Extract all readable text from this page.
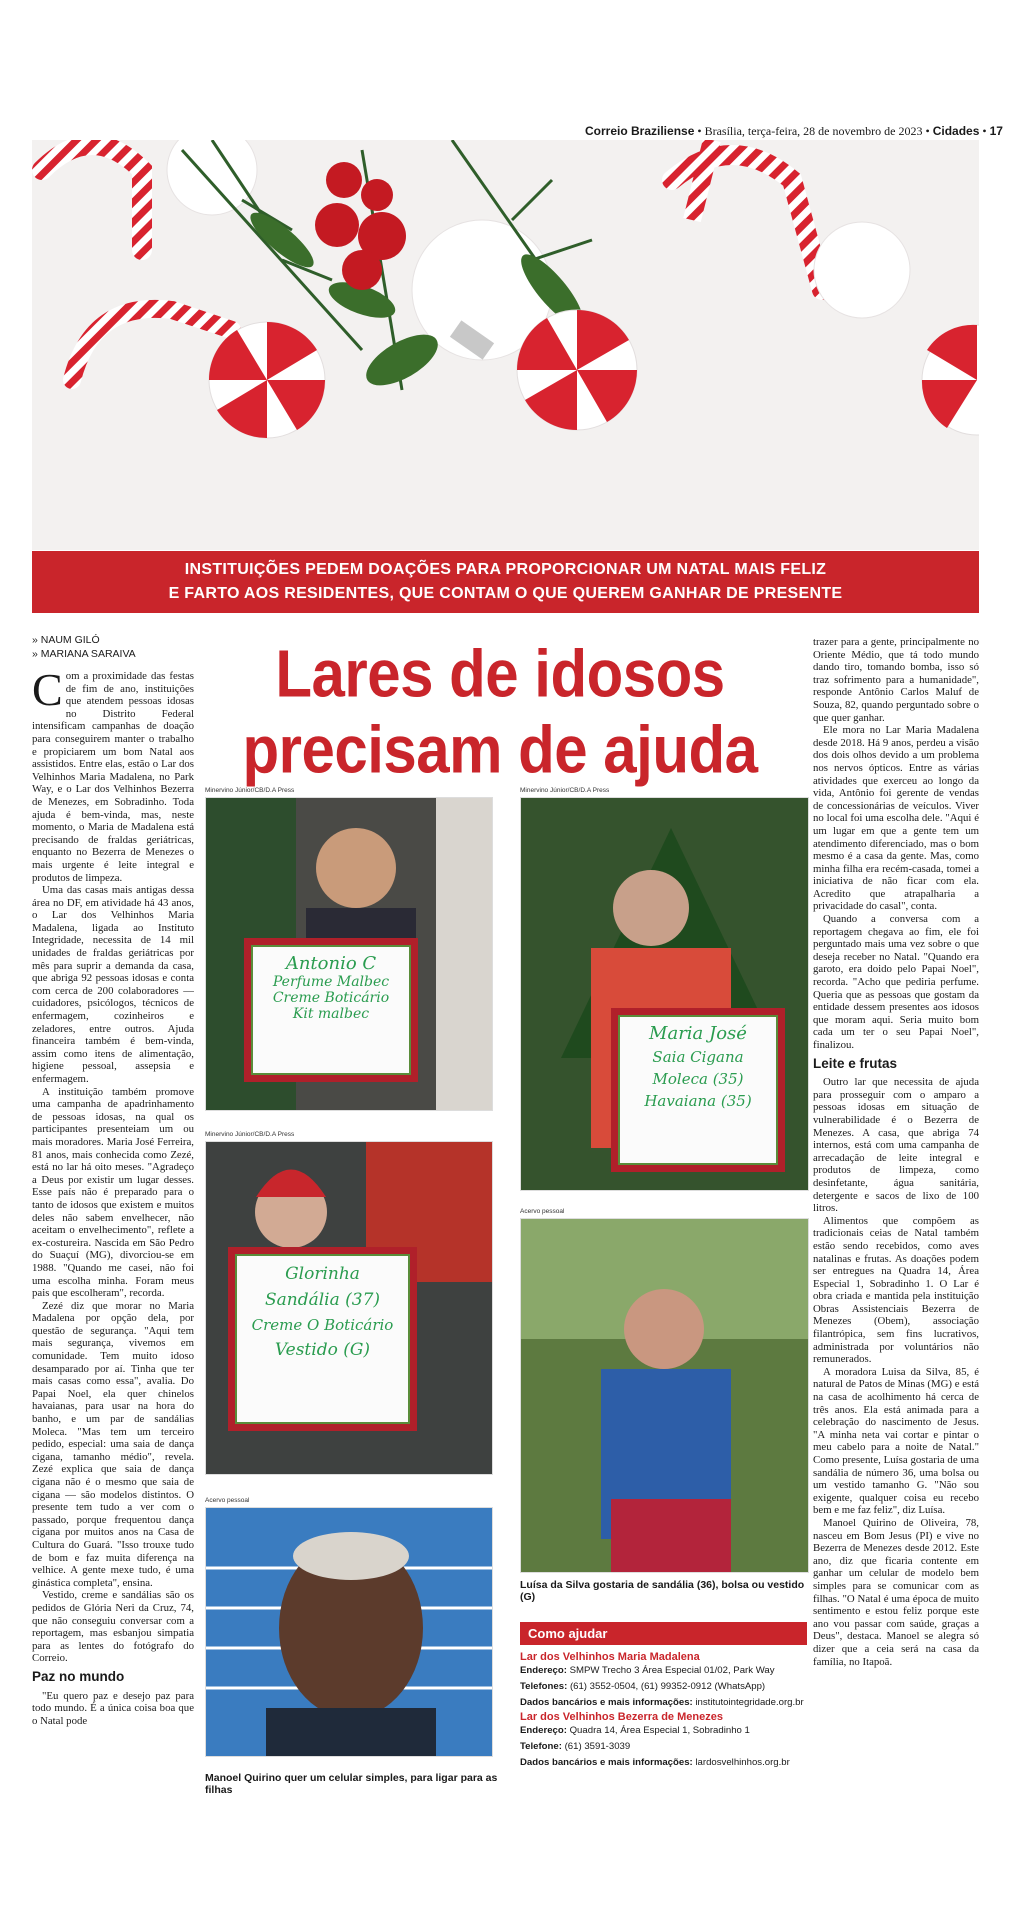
Correio Braziliense • Brasília, terça-feira, 28 de novembro de 2023 • Cidades • 17
INSTITUIÇÕES PEDEM DOAÇÕES PARA PROPORCIONAR UM NATAL MAIS FELIZ
E FARTO AOS RESIDENTES, QUE CONTAM O QUE QUEREM GANHAR DE PRESENTE
» NAUM GILÓ
» MARIANA SARAIVA	Lares de idosos
precisam de ajuda

Com a proximidade das festas de fim de ano, instituições que atendem pessoas idosas no Distrito Federal intensificam campanhas de doação para conseguirem manter o trabalho e propiciarem um bom Natal aos assistidos. Entre elas, estão o Lar dos Velhinhos Maria Madalena, no Park Way, e o Lar dos Velhinhos Bezerra de Menezes, em Sobradinho. Toda ajuda é bem-vinda, mas, neste momento, o Maria de Madalena está precisando de fraldas geriátricas, enquanto no Bezerra de Menezes o mais urgente é leite integral e produtos de limpeza.

Uma das casas mais antigas dessa área no DF, em atividade há 43 anos, o Lar dos Velhinhos Maria Madalena, ligada ao Instituto Integridade, necessita de 14 mil unidades de fraldas geriátricas por mês para suprir a demanda da casa, que abriga 92 pessoas idosas e conta com cerca de 200 colaboradores — cuidadores, psicólogos, técnicos de enfermagem, cozinheiros e zeladores, entre outros. Ajuda financeira também é bem-vinda, assim como itens de alimentação, higiene pessoal, assepsia e enfermagem.

A instituição também promove uma campanha de apadrinhamento de pessoas idosas, na qual os participantes presenteiam um ou mais moradores. Maria José Ferreira, 81 anos, mais conhecida como Zezé, está no lar há oito meses. "Agradeço a Deus por existir um lugar desses. Esse país não é preparado para o tanto de idosos que existem e muitos deles não sabem envelhecer, não aceitam o envelhecimento", reflete a ex-costureira. Nascida em São Pedro do Suaçuí (MG), divorciou-se em 1988. "Quando me casei, não foi uma escolha minha. Foram meus pais que escolheram", recorda.

Zezé diz que morar no Maria Madalena por opção dela, por questão de segurança. "Aqui tem mais segurança, vivemos em comunidade. Tem muito idoso desamparado por aí. Tinha que ter mais casas como essa", avalia. Do Papai Noel, ela quer chinelos havaianas, para usar na hora do banho, e um par de sandálias Moleca. "Mas tem um terceiro pedido, especial: uma saia de dança cigana, tamanho médio", revela. Zezé explica que saia de dança cigana não é o mesmo que saia de cigana — são modelos distintos. O presente tem tudo a ver com o passado, porque frequentou dança cigana por muitos anos na Casa de Cultura do Guará. "Isso trouxe tudo de bom e faz muita diferença na velhice. A gente mexe tudo, é uma ginástica completa", ensina.

Vestido, creme e sandálias são os pedidos de Glória Neri da Cruz, 74, que não conseguiu conversar com a reportagem, mas esbanjou simpatia para as lentes do fotógrafo do Correio.

Paz no mundo

"Eu quero paz e desejo paz para todo mundo. É a única coisa boa que o Natal pode

trazer para a gente, principalmente no Oriente Médio, que tá todo mundo dando tiro, tomando bomba, isso só traz sofrimento para a humanidade", responde Antônio Carlos Maluf de Souza, 82, quando perguntado sobre o que quer ganhar.

Ele mora no Lar Maria Madalena desde 2018. Há 9 anos, perdeu a visão dos dois olhos devido a um problema nos nervos ópticos. Entre as várias atividades que exerceu ao longo da vida, Antônio foi gerente de vendas de concessionárias de veículos. Viver no local foi uma escolha dele. "Aqui é um lugar em que a gente tem um atendimento diferenciado, mas o bom mesmo é a casa da gente. Mas, como minha filha era recém-casada, tomei a iniciativa de não ficar com ela. Acredito que atrapalharia a privacidade do casal", conta.

Quando a conversa com a reportagem chegava ao fim, ele foi perguntado mais uma vez sobre o que deseja receber no Natal. "Quando era garoto, era doido pelo Papai Noel", recorda. "Acho que pediria perfume. Queria que as pessoas que gostam da entidade dessem presentes aos idosos que moram aqui. Seria muito bom cada um ter o seu Papai Noel", finalizou.

Leite e frutas

Outro lar que necessita de ajuda para prosseguir com o amparo a pessoas idosas em situação de vulnerabilidade é o Bezerra de Menezes. A casa, que abriga 74 internos, está com uma campanha de arrecadação de leite integral e produtos de limpeza, como desinfetante, água sanitária, detergente e sacos de lixo de 100 litros.

Alimentos que compõem as tradicionais ceias de Natal também estão sendo recebidos, como aves natalinas e frutas. As doações podem ser entregues na Quadra 14, Área Especial 1, Sobradinho 1. O Lar é obra criada e mantida pela instituição Obras Assistenciais Bezerra de Menezes (Obem), associação filantrópica, sem fins lucrativos, administrada por voluntários não remunerados.

A moradora Luisa da Silva, 85, é natural de Patos de Minas (MG) e está na casa de acolhimento há cerca de três anos. Ela está animada para a celebração do nascimento de Jesus. "A minha neta vai cortar e pintar o meu cabelo para a noite de Natal." Como presente, Luísa gostaria de uma sandália de número 36, uma bolsa ou um vestido tamanho G. "Não sou exigente, qualquer coisa eu recebo bem e me faz feliz", diz Luísa.

Manoel Quirino de Oliveira, 78, nasceu em Bom Jesus (PI) e vive no Bezerra de Menezes desde 2012. Este ano, diz que ficaria contente em ganhar um celular de modelo bem simples para se comunicar com as filhas. "O Natal é uma época de muito sentimento e estou feliz porque este ano vou passar com saúde, graças a Deus", destaca. Manoel se alegra só dizer que a ceia será na casa da família, no Itapoã.

Minervino Júnior/CB/D.A Press
Antonio C
Perfume Malbec
Creme Boticário
Kit malbec
Minervino Júnior/CB/D.A Press
Maria José
Saia Cigana
Moleca (35)
Havaiana (35)
Minervino Júnior/CB/D.A Press
Glorinha
Sandália (37)
Creme O Boticário
Vestido (G)
Acervo pessoal
Luísa da Silva gostaria de sandália (36), bolsa ou vestido (G)
Acervo pessoal
Manoel Quirino quer um celular simples, para ligar para as filhas
Como ajudar
Lar dos Velhinhos Maria Madalena
Endereço: SMPW Trecho 3 Área Especial 01/02, Park Way
Telefones: (61) 3552-0504, (61) 99352-0912 (WhatsApp)
Dados bancários e mais informações: institutointegridade.org.br
Lar dos Velhinhos Bezerra de Menezes
Endereço: Quadra 14, Área Especial 1, Sobradinho 1
Telefone: (61) 3591-3039
Dados bancários e mais informações: lardosvelhinhos.org.br
